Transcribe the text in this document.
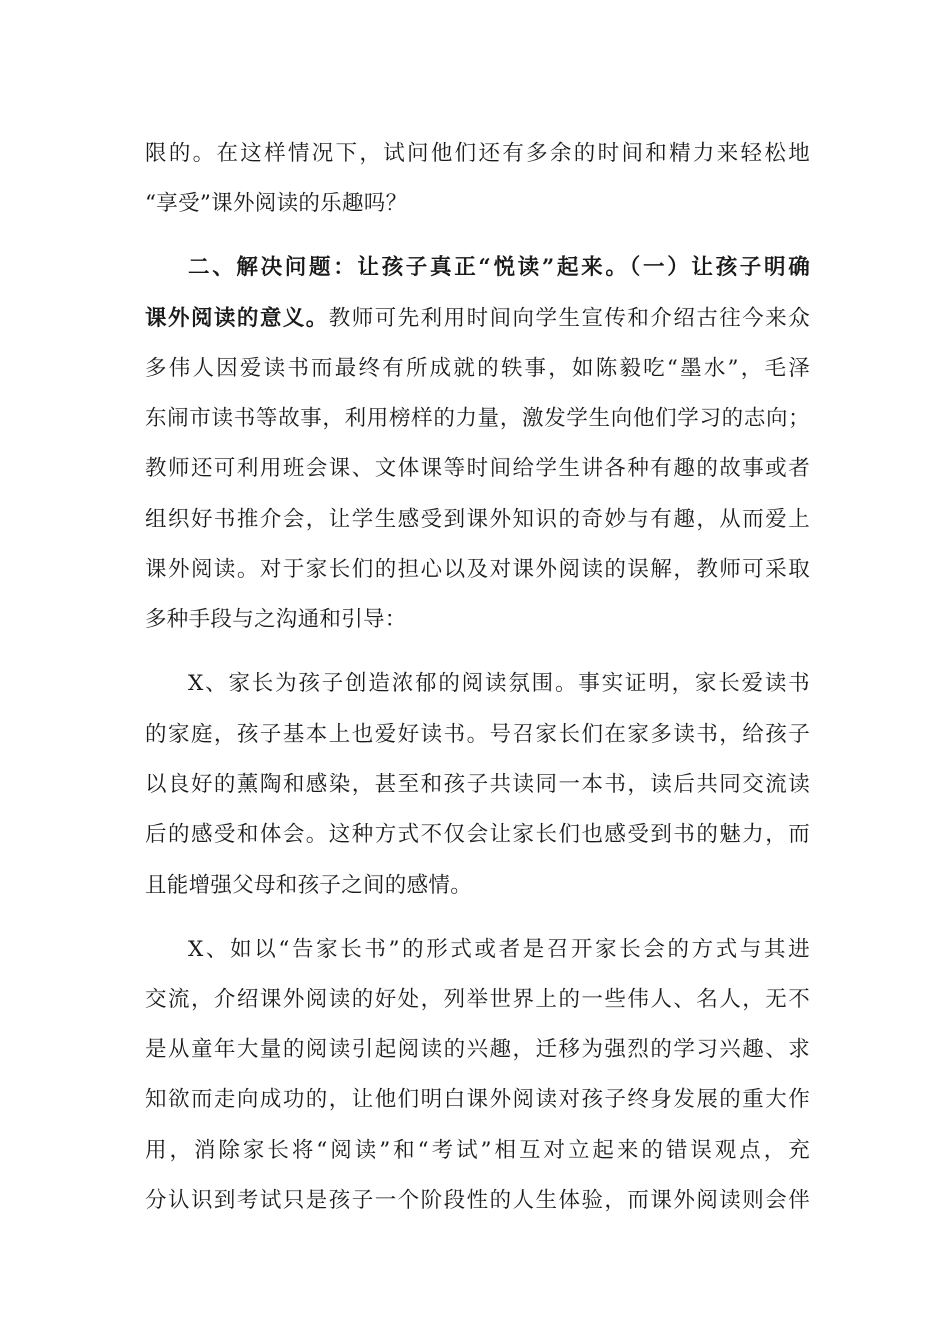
限的。在这样情况下，试问他们还有多余的时间和精力来轻松地
“享受”课外阅读的乐趣吗？
二、解决问题：让孩子真正“悦读”起来。（一）让孩子明确
课外阅读的意义。教师可先利用时间向学生宣传和介绍古往今来众
多伟人因爱读书而最终有所成就的轶事，如陈毅吃“墨水”，毛泽
东闹市读书等故事，利用榜样的力量，激发学生向他们学习的志向；
教师还可利用班会课、文体课等时间给学生讲各种有趣的故事或者
组织好书推介会，让学生感受到课外知识的奇妙与有趣，从而爱上
课外阅读。对于家长们的担心以及对课外阅读的误解，教师可采取
多种手段与之沟通和引导：
X、家长为孩子创造浓郁的阅读氛围。事实证明，家长爱读书
的家庭，孩子基本上也爱好读书。号召家长们在家多读书，给孩子
以良好的薰陶和感染，甚至和孩子共读同一本书，读后共同交流读
后的感受和体会。这种方式不仅会让家长们也感受到书的魅力，而
且能增强父母和孩子之间的感情。
X、如以“告家长书”的形式或者是召开家长会的方式与其进
交流，介绍课外阅读的好处，列举世界上的一些伟人、名人，无不
是从童年大量的阅读引起阅读的兴趣，迁移为强烈的学习兴趣、求
知欲而走向成功的，让他们明白课外阅读对孩子终身发展的重大作
用，消除家长将“阅读”和“考试”相互对立起来的错误观点，充
分认识到考试只是孩子一个阶段性的人生体验，而课外阅读则会伴
